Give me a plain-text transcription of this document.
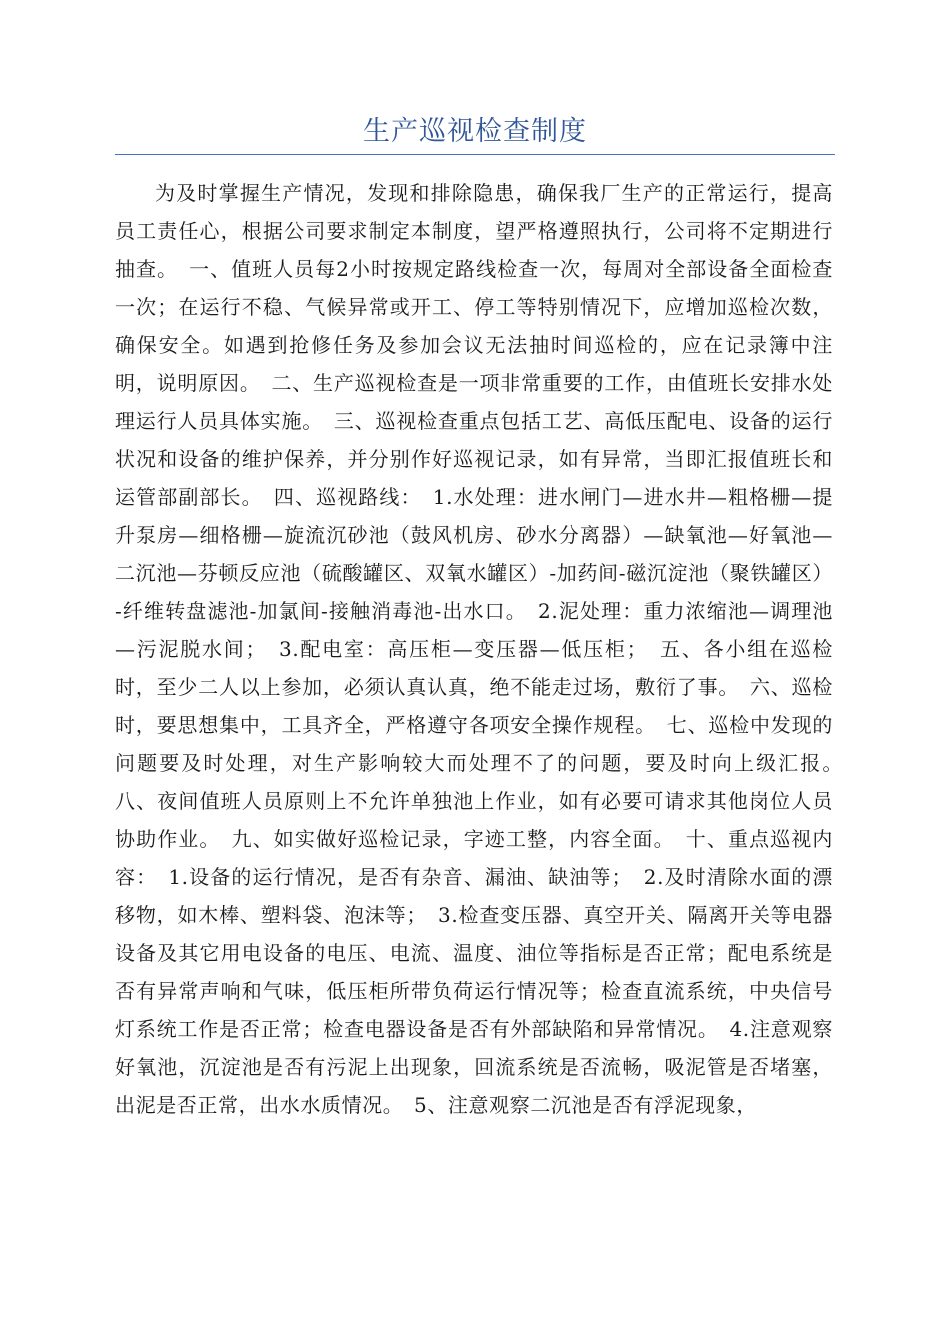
生产巡视检查制度

为及时掌握生产情况，发现和排除隐患，确保我厂生产的正常运行，提高员工责任心，根据公司要求制定本制度，望严格遵照执行，公司将不定期进行抽查。　一、值班人员每2小时按规定路线检查一次，每周对全部设备全面检查一次；在运行不稳、气候异常或开工、停工等特别情况下，应增加巡检次数，确保安全。如遇到抢修任务及参加会议无法抽时间巡检的，应在记录簿中注明，说明原因。　二、生产巡视检查是一项非常重要的工作，由值班长安排水处理运行人员具体实施。　三、巡视检查重点包括工艺、高低压配电、设备的运行状况和设备的维护保养，并分别作好巡视记录，如有异常，当即汇报值班长和运管部副部长。　四、巡视路线：　1.水处理：进水闸门—进水井—粗格栅—提升泵房—细格栅—旋流沉砂池（鼓风机房、砂水分离器）—缺氧池—好氧池—二沉池—芬顿反应池（硫酸罐区、双氧水罐区）-加药间-磁沉淀池（聚铁罐区）-纤维转盘滤池-加氯间-接触消毒池-出水口。　2.泥处理：重力浓缩池—调理池—污泥脱水间；　3.配电室：高压柜—变压器—低压柜；　五、各小组在巡检时，至少二人以上参加，必须认真认真，绝不能走过场，敷衍了事。　六、巡检时，要思想集中，工具齐全，严格遵守各项安全操作规程。　七、巡检中发现的问题要及时处理，对生产影响较大而处理不了的问题，要及时向上级汇报。　八、夜间值班人员原则上不允许单独池上作业，如有必要可请求其他岗位人员协助作业。　九、如实做好巡检记录，字迹工整，内容全面。　十、重点巡视内容：　1.设备的运行情况，是否有杂音、漏油、缺油等；　2.及时清除水面的漂移物，如木棒、塑料袋、泡沫等；　3.检查变压器、真空开关、隔离开关等电器设备及其它用电设备的电压、电流、温度、油位等指标是否正常；配电系统是否有异常声响和气味，低压柜所带负荷运行情况等；检查直流系统，中央信号灯系统工作是否正常；检查电器设备是否有外部缺陷和异常情况。　4.注意观察好氧池，沉淀池是否有污泥上出现象，回流系统是否流畅，吸泥管是否堵塞，出泥是否正常，出水水质情况。　5、注意观察二沉池是否有浮泥现象，
